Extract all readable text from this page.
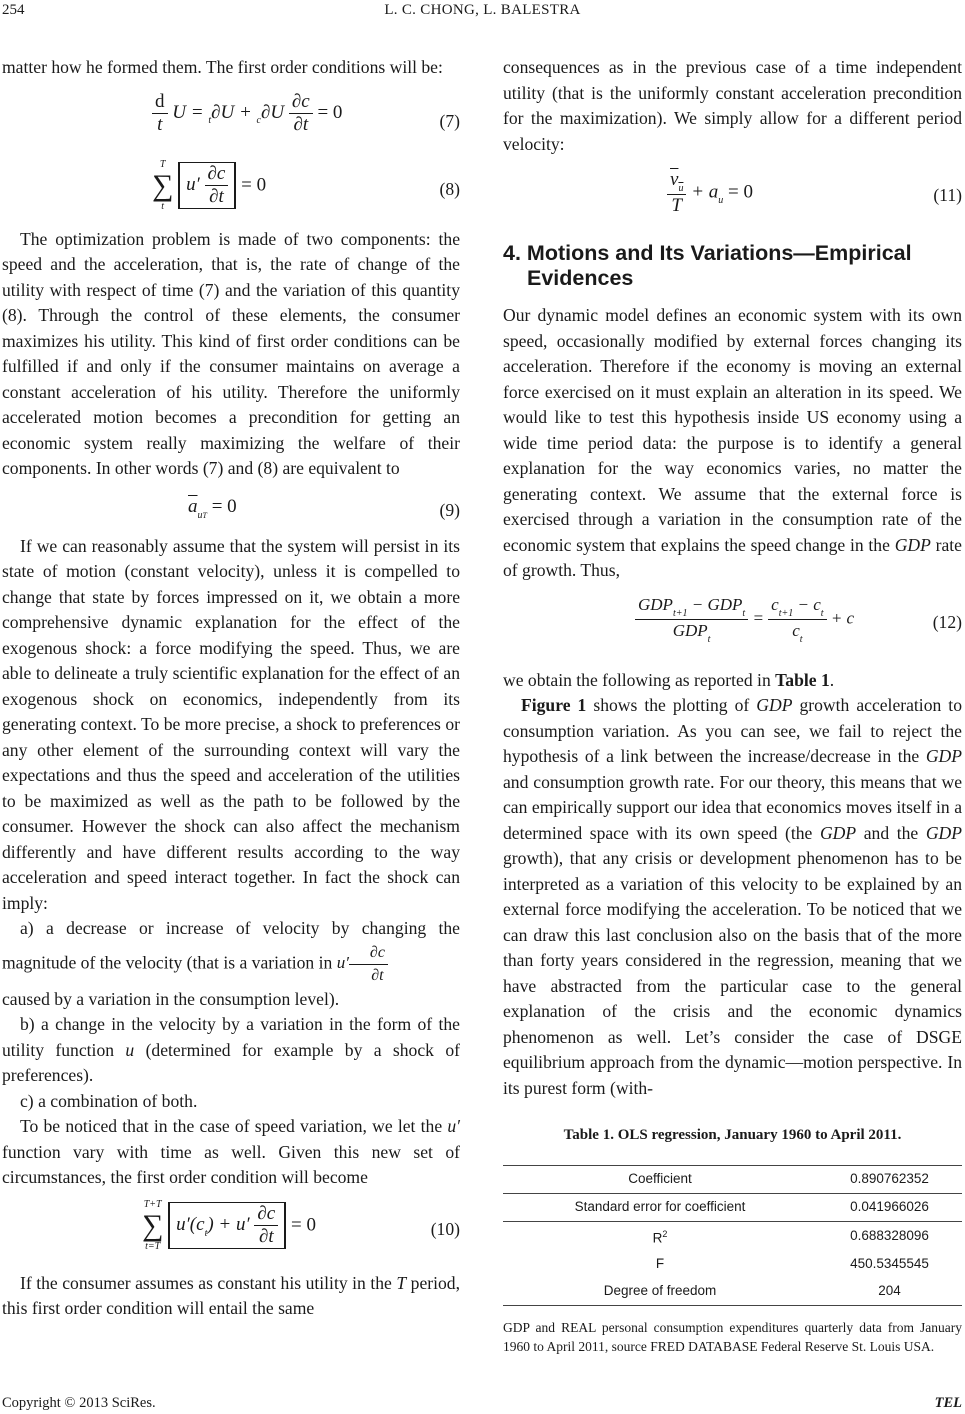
254	L. C. CHONG, L. BALESTRA

matter how he formed them. The first order conditions will be:

$\frac{d}{t}$ $U = _t\partial U + _c\partial U \frac{\partial c}{\partial t} = 0$	(7)
T
∑
t
$u' \frac{\partial c}{\partial t} = 0$	(8)

The optimization problem is made of two components: the speed and the acceleration, that is, the rate of change of the utility with respect of time (7) and the variation of this quantity (8). Through the control of these elements, the consumer maximizes his utility. This kind of first order conditions can be fulfilled if and only if the consumer maintains on average a constant acceleration of his utility. Therefore the uniformly accelerated motion becomes a precondition for getting an economic system really maximizing the welfare of their components. In other words (7) and (8) are equivalent to

$\overline{a}_{uT} = 0$	(9)

If we can reasonably assume that the system will persist in its state of motion (constant velocity), unless it is compelled to change that state by forces impressed on it, we obtain a more comprehensive dynamic explanation for the effect of the exogenous shock: a force modifying the speed. Thus, we are able to delineate a truly scientific explanation for the effect of an exogenous shock on economics, independently from its generating context. To be more precise, a shock to preferences or any other element of the surrounding context will vary the expectations and thus the speed and acceleration of the utilities to be maximized as well as the path to be followed by the consumer. However the shock can also affect the mechanism differently and have different results according to the way acceleration and speed interact together. In fact the shock can imply:

a) a decrease or increase of velocity by changing the magnitude of the velocity (that is a variation in $u' \frac{\partial c}{\partial t}$

caused by a variation in the consumption level).

b) a change in the velocity by a variation in the form of the utility function u (determined for example by a shock of preferences).

c) a combination of both.

To be noticed that in the case of speed variation, we let the u′ function vary with time as well. Given this new set of circumstances, the first order condition will become

T+T
∑
t=T
$u'(c_t) + u' \frac{\partial c}{\partial t} = 0$	(10)

If the consumer assumes as constant his utility in the T period, this first order condition will entail the same

consequences as in the previous case of a time independent utility (that is the uniformly constant acceleration precondition for the maximization). We simply allow for a different period velocity:

$\frac{v_u}{T} + a_u = 0$	(11)
4. Motions and Its Variations—Empirical
Evidences

Our dynamic model defines an economic system with its own speed, occasionally modified by external forces changing its acceleration. Therefore if the economy is moving an external force exercised on it must explain an alteration in its speed. We would like to test this hypothesis inside US economy using a wide time period data: the purpose is to identify a general explanation for the way economics varies, no matter the generating context. We assume that the external force is exercised through a variation in the consumption rate of the economic system that explains the speed change in the GDP rate of growth. Thus,

$\frac{GDP_{t+1} - GDP_t}{GDP_t} = \frac{c_{t+1} - c_t}{c_t} + c$	(12)

we obtain the following as reported in Table 1.

Figure 1 shows the plotting of GDP growth acceleration to consumption variation. As you can see, we fail to reject the hypothesis of a link between the increase/decrease in the GDP and consumption growth rate. For our theory, this means that we can empirically support our idea that economics moves itself in a determined space with its own speed (the GDP and the GDP growth), that any crisis or development phenomenon has to be interpreted as a variation of this velocity to be explained by an external force modifying the acceleration. To be noticed that we can draw this last conclusion also on the basis that of the more than forty years considered in the regression, meaning that we have abstracted from the particular case to the general explanation of the crisis and the economic dynamics phenomenon as well. Let’s consider the case of DSGE equilibrium approach from the dynamic—motion perspective. In its purest form (with-

Table 1. OLS regression, January 1960 to April 2011.
Coefficient	0.890762352
Standard error for coefficient	0.041966026
$R^2$	0.688328096
F	450.5345545
Degree of freedom	204

GDP and REAL personal consumption expenditures quarterly data from January 1960 to April 2011, source FRED DATABASE Federal Reserve St. Louis USA.

Copyright © 2013 SciRes.	TEL
